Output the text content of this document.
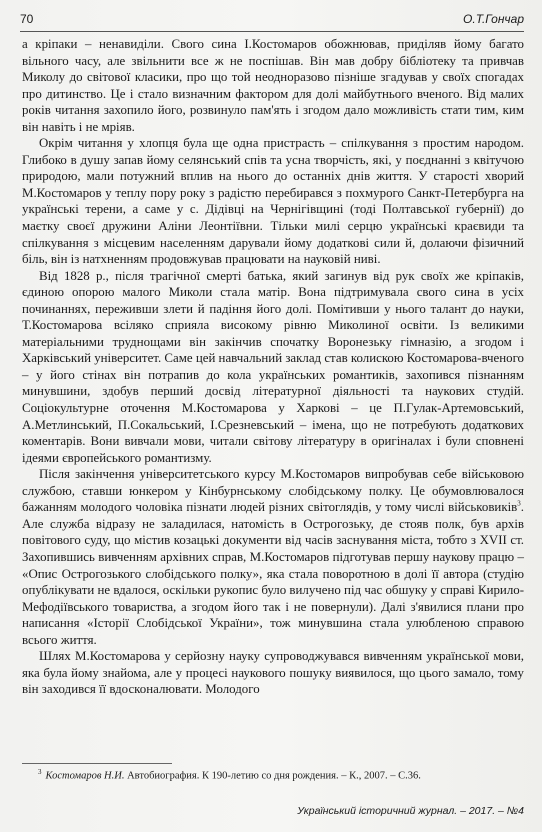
70	О.Т.Гончар

а кріпаки – ненавиділи. Свого сина І.Костомаров обожнював, приділяв йому багато вільного часу, але звільнити все ж не поспішав. Він мав добру бібліотеку та привчав Миколу до світової класики, про що той неодноразово пізніше згадував у своїх спогадах про дитинство. Це і стало визначним фактором для долі майбутнього вченого. Від малих років читання захопило його, розвинуло пам'ять і згодом дало можливість стати тим, ким він навіть і не мріяв.

Окрім читання у хлопця була ще одна пристрасть – спілкування з простим народом. Глибоко в душу запав йому селянський спів та усна творчість, які, у поєднанні з квітучою природою, мали потужний вплив на нього до останніх днів життя. У старості хворий М.Костомаров у теплу пору року з радістю перебирався з похмурого Санкт-Петербурга на українські терени, а саме у с. Дідівці на Чернігівщині (тоді Полтавської губернії) до маєтку своєї дружини Аліни Леонтіївни. Тільки милі серцю українські краєвиди та спілкування з місцевим населенням дарували йому додаткові сили й, долаючи фізичний біль, він із натхненням продовжував працювати на науковій ниві.

Від 1828 р., після трагічної смерті батька, який загинув від рук своїх же кріпаків, єдиною опорою малого Миколи стала матір. Вона підтримувала свого сина в усіх починаннях, переживши злети й падіння його долі. Помітивши у нього талант до науки, Т.Костомарова всіляко сприяла високому рівню Миколиної освіти. Із великими матеріальними труднощами він закінчив спочатку Воронезьку гімназію, а згодом і Харківський університет. Саме цей навчальний заклад став колискою Костомарова-вченого – у його стінах він потрапив до кола українських романтиків, захопився пізнанням минувшини, здобув перший досвід літературної діяльності та наукових студій. Соціокультурне оточення М.Костомарова у Харкові – це П.Гулак-Артемовський, А.Метлинський, П.Сокальський, І.Срезневський – імена, що не потребують додаткових коментарів. Вони вивчали мови, читали світову літературу в оригіналах і були сповнені ідеями європейського романтизму.

Після закінчення університетського курсу М.Костомаров випробував себе військовою службою, ставши юнкером у Кінбурнському слобідському полку. Це обумовлювалося бажанням молодого чоловіка пізнати людей різних світоглядів, у тому числі військовиків$^3$. Але служба відразу не заладилася, натомість в Острогозьку, де стояв полк, був архів повітового суду, що містив козацькі документи від часів заснування міста, тобто з XVII ст. Захопившись вивченням архівних справ, М.Костомаров підготував першу наукову працю – «Опис Острогозького слобідського полку», яка стала поворотною в долі її автора (студію опублікувати не вдалося, оскільки рукопис було вилучено під час обшуку у справі Кирило-Мефодіївського товариства, а згодом його так і не повернули). Далі з'явилися плани про написання «Історії Слобідської України», тож минувшина стала улюбленою справою всього життя.

Шлях М.Костомарова у серйозну науку супроводжувався вивченням української мови, яка була йому знайома, але у процесі наукового пошуку виявилося, що цього замало, тому він заходився її вдосконалювати. Молодого

$^3$ Костомаров Н.И. Автобиография. К 190-летию со дня рождения. – К., 2007. – С.36.
Український історичний журнал. – 2017. – №4
